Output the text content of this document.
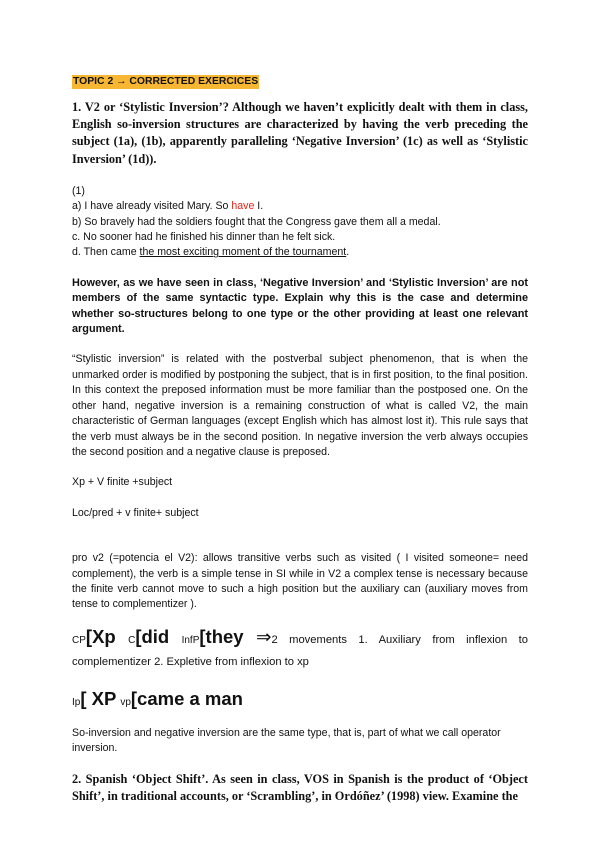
TOPIC 2 → CORRECTED EXERCICES

1. V2 or ‘Stylistic Inversion’? Although we haven’t explicitly dealt with them in class, English so-inversion structures are characterized by having the verb preceding the subject (1a), (1b), apparently paralleling ‘Negative Inversion’ (1c) as well as ‘Stylistic Inversion’ (1d)).

(1)

a) I have already visited Mary. So have I.

b) So bravely had the soldiers fought that the Congress gave them all a medal.

c. No sooner had he finished his dinner than he felt sick.

d. Then came the most exciting moment of the tournament.

However, as we have seen in class, ‘Negative Inversion’ and ‘Stylistic Inversion’ are not members of the same syntactic type. Explain why this is the case and determine whether so-structures belong to one type or the other providing at least one relevant argument.

“Stylistic inversion” is related with the postverbal subject phenomenon, that is when the unmarked order is modified by postponing the subject, that is in first position, to the final position. In this context the preposed information must be more familiar than the postposed one. On the other hand, negative inversion is a remaining construction of what is called V2, the main characteristic of German languages (except English which has almost lost it). This rule says that the verb must always be in the second position. In negative inversion the verb always occupies the second position and a negative clause is preposed.

Xp + V finite +subject

Loc/pred + v finite+ subject

pro v2 (=potencia el V2): allows transitive verbs such as visited ( I visited someone= need complement), the verb is a simple tense in SI while in V2 a complex tense is necessary because the finite verb cannot move to such a high position but the auxiliary can (auxiliary moves from tense to complementizer ).

CP[Xp C[did InfP[they ⇒2 movements 1. Auxiliary from inflexion to complementizer 2. Expletive from inflexion to xp

Ip[ XP vp[came a man

So-inversion and negative inversion are the same type, that is, part of what we call operator inversion.

2. Spanish ‘Object Shift’. As seen in class, VOS in Spanish is the product of ‘Object Shift’, in traditional accounts, or ‘Scrambling’, in Ordóñez’ (1998) view. Examine the
